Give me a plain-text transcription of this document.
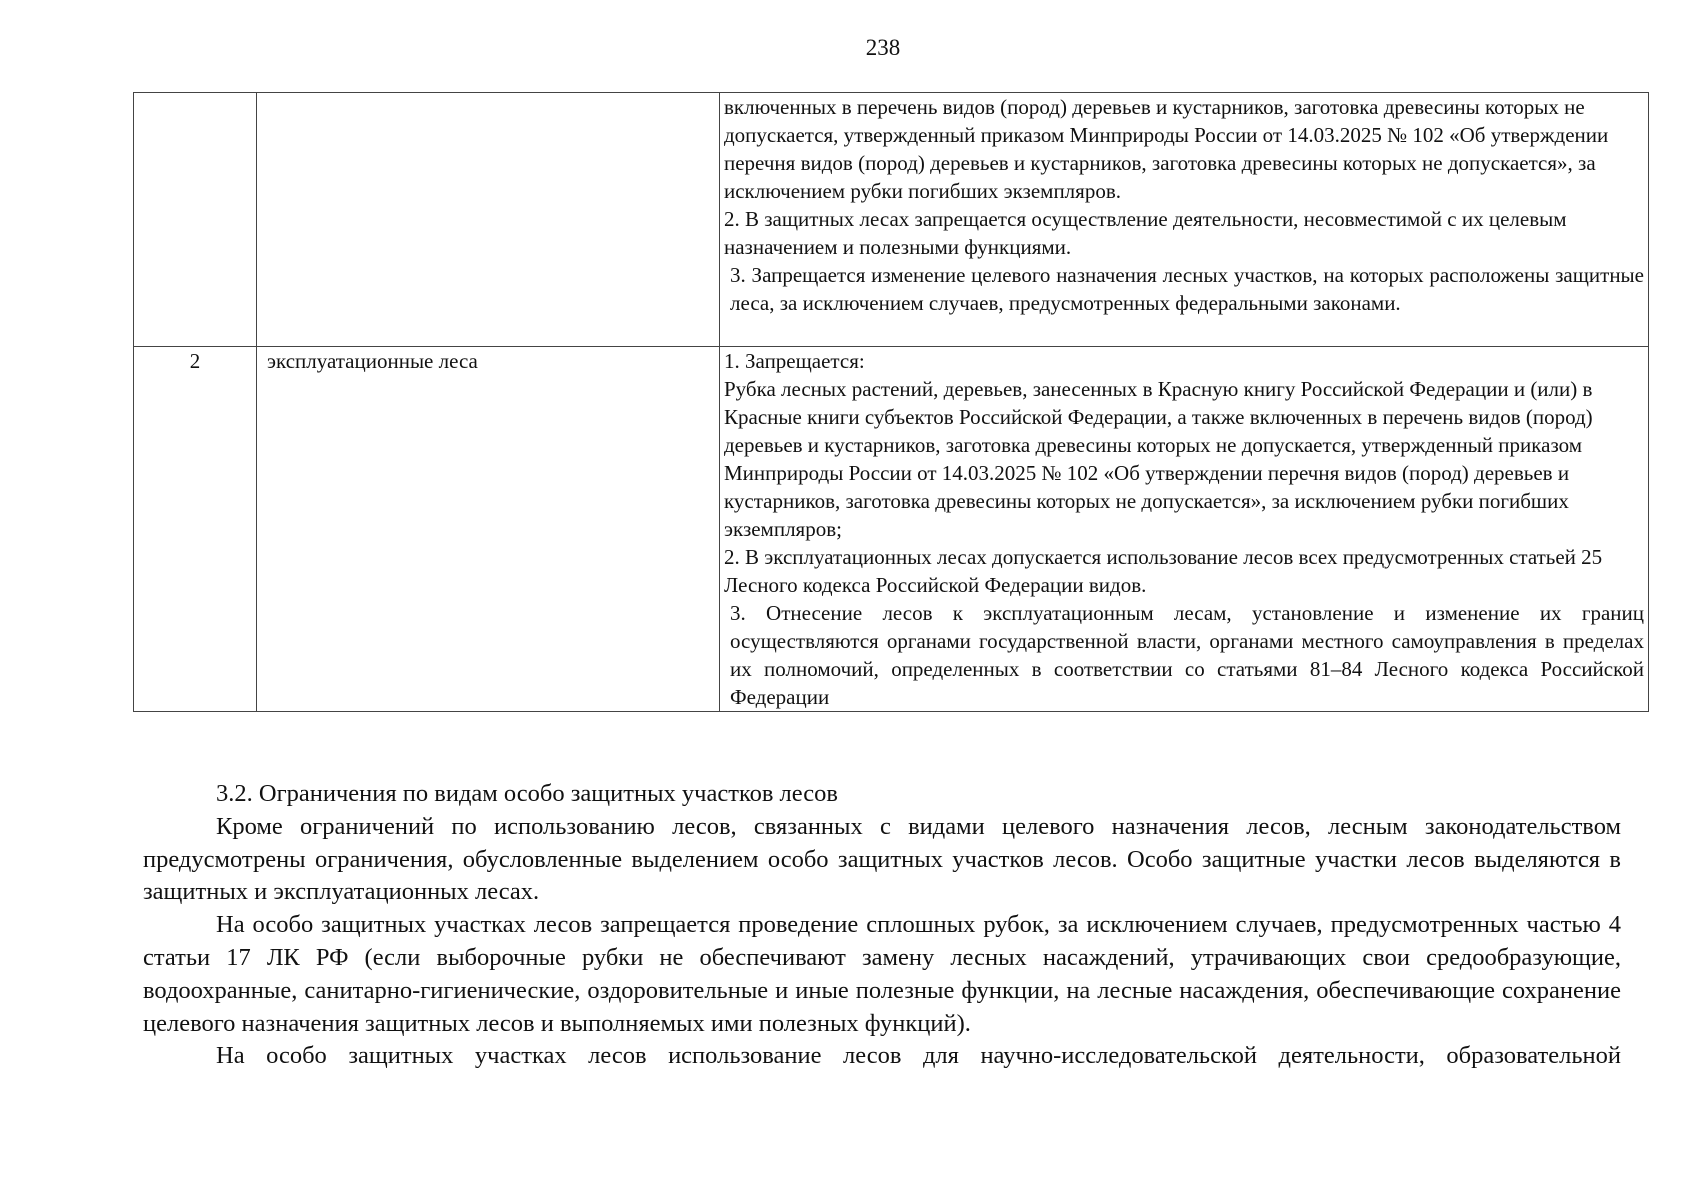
238

		включенных в перечень видов (пород) деревьев и кустарников, заготовка древесины которых не допускается, утвержденный приказом Минприроды России от 14.03.2025 № 102 «Об утверждении перечня видов (пород) деревьев и кустарников, заготовка древесины которых не допускается», за исключением рубки погибших экземпляров.

2. В защитных лесах запрещается осуществление деятельности, несовместимой с их целевым назначением и полезными функциями.

3. Запрещается изменение целевого назначения лесных участков, на которых расположены защитные леса, за исключением случаев, предусмотренных федеральными законами.

2	эксплуатационные леса	1. Запрещается:

Рубка лесных растений, деревьев, занесенных в Красную книгу Российской Федерации и (или) в Красные книги субъектов Российской Федерации, а также включенных в перечень видов (пород) деревьев и кустарников, заготовка древесины которых не допускается, утвержденный приказом Минприроды России от 14.03.2025 № 102 «Об утверждении перечня видов (пород) деревьев и кустарников, заготовка древесины которых не допускается», за исключением рубки погибших экземпляров;

2. В эксплуатационных лесах допускается использование лесов всех предусмотренных статьей 25 Лесного кодекса Российской Федерации видов.

3. Отнесение лесов к эксплуатационным лесам, установление и изменение их границ осуществляются органами государственной власти, органами местного самоуправления в пределах их полномочий, определенных в соответствии со статьями 81–84 Лесного кодекса Российской Федерации

3.2. Ограничения по видам особо защитных участков лесов

Кроме ограничений по использованию лесов, связанных с видами целевого назначения лесов, лесным законодательством предусмотрены ограничения, обусловленные выделением особо защитных участков лесов. Особо защитные участки лесов выделяются в защитных и эксплуатационных лесах.

На особо защитных участках лесов запрещается проведение сплошных рубок, за исключением случаев, предусмотренных частью 4 статьи 17 ЛК РФ (если выборочные рубки не обеспечивают замену лесных насаждений, утрачивающих свои средообразующие, водоохранные, санитарно-гигиенические, оздоровительные и иные полезные функции, на лесные насаждения, обеспечивающие сохранение целевого назначения защитных лесов и выполняемых ими полезных функций).

На особо защитных участках лесов использование лесов для научно-исследовательской деятельности, образовательной
